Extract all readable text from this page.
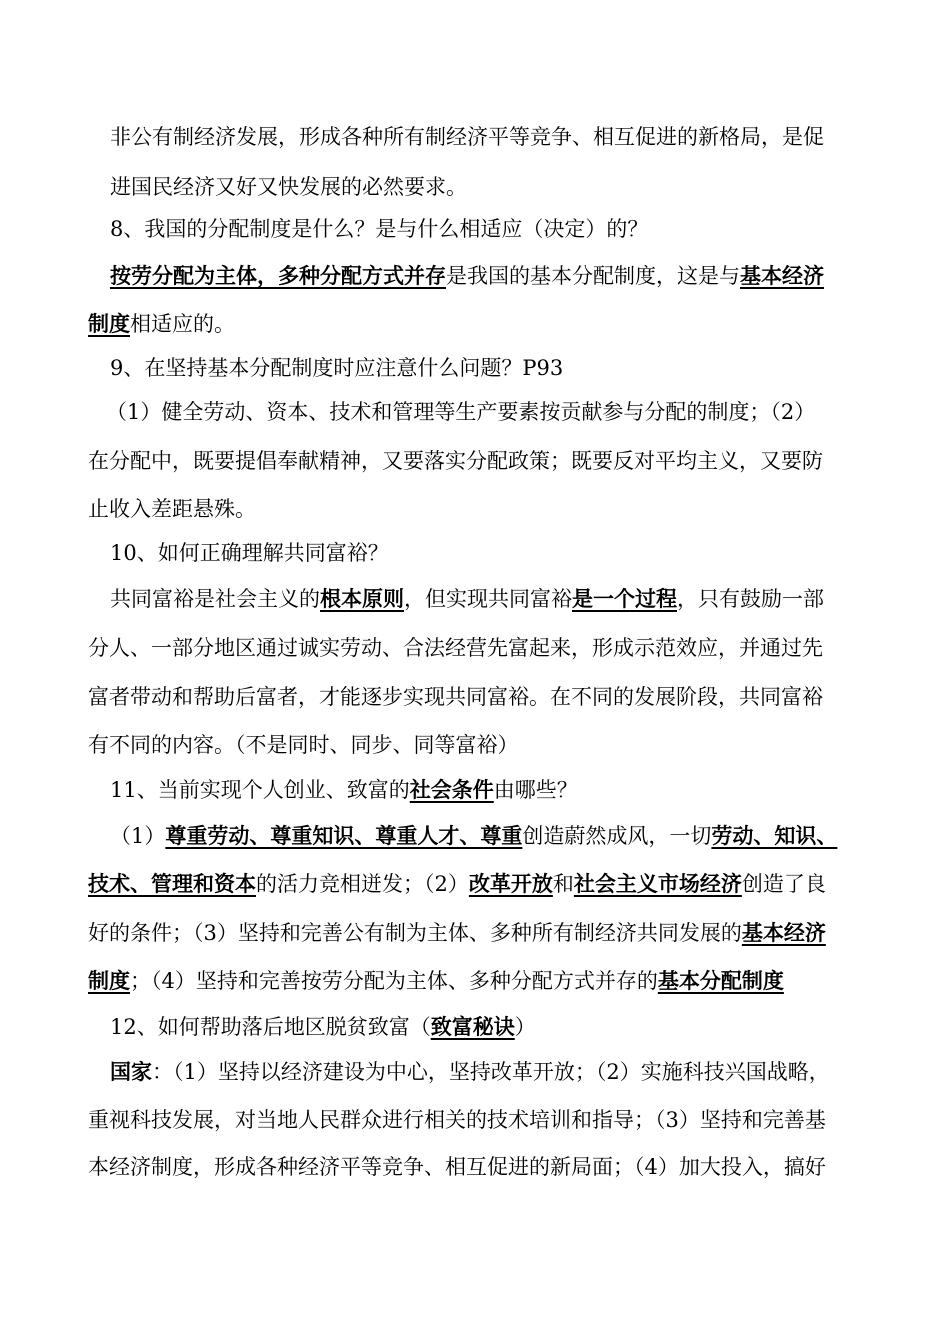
非公有制经济发展，形成各种所有制经济平等竞争、相互促进的新格局，是促
进国民经济又好又快发展的必然要求。
8、我国的分配制度是什么？是与什么相适应（决定）的？
按劳分配为主体，多种分配方式并存是我国的基本分配制度，这是与基本经济
制度相适应的。
9、在坚持基本分配制度时应注意什么问题？P93
（1）健全劳动、资本、技术和管理等生产要素按贡献参与分配的制度；（2）
在分配中，既要提倡奉献精神，又要落实分配政策；既要反对平均主义，又要防
止收入差距悬殊。
10、如何正确理解共同富裕？
共同富裕是社会主义的根本原则，但实现共同富裕是一个过程，只有鼓励一部
分人、一部分地区通过诚实劳动、合法经营先富起来，形成示范效应，并通过先
富者带动和帮助后富者，才能逐步实现共同富裕。在不同的发展阶段，共同富裕
有不同的内容。（不是同时、同步、同等富裕）
11、当前实现个人创业、致富的社会条件由哪些？
（1）尊重劳动、尊重知识、尊重人才、尊重创造蔚然成风，一切劳动、知识、
技术、管理和资本的活力竞相迸发；（2）改革开放和社会主义市场经济创造了良
好的条件；（3）坚持和完善公有制为主体、多种所有制经济共同发展的基本经济
制度；（4）坚持和完善按劳分配为主体、多种分配方式并存的基本分配制度
12、如何帮助落后地区脱贫致富（致富秘诀）
国家：（1）坚持以经济建设为中心，坚持改革开放；（2）实施科技兴国战略，
重视科技发展，对当地人民群众进行相关的技术培训和指导；（3）坚持和完善基
本经济制度，形成各种经济平等竞争、相互促进的新局面；（4）加大投入，搞好
